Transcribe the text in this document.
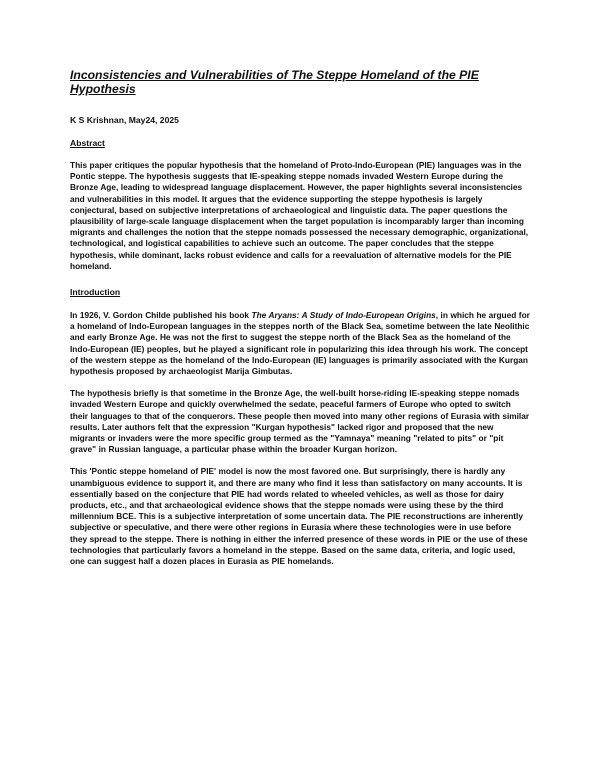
Inconsistencies and Vulnerabilities of The Steppe Homeland of the PIE Hypothesis

K S Krishnan, May24, 2025
Abstract
This paper critiques the popular hypothesis that the homeland of Proto-Indo-European (PIE) languages was in the Pontic steppe. The hypothesis suggests that IE-speaking steppe nomads invaded Western Europe during the Bronze Age, leading to widespread language displacement. However, the paper highlights several inconsistencies and vulnerabilities in this model. It argues that the evidence supporting the steppe hypothesis is largely conjectural, based on subjective interpretations of archaeological and linguistic data. The paper questions the plausibility of large-scale language displacement when the target population is incomparably larger than incoming migrants and challenges the notion that the steppe nomads possessed the necessary demographic, organizational, technological, and logistical capabilities to achieve such an outcome. The paper concludes that the steppe hypothesis, while dominant, lacks robust evidence and calls for a reevaluation of alternative models for the PIE homeland.
Introduction
In 1926, V. Gordon Childe published his book The Aryans: A Study of Indo-European Origins, in which he argued for a homeland of Indo-European languages in the steppes north of the Black Sea, sometime between the late Neolithic and early Bronze Age. He was not the first to suggest the steppe north of the Black Sea as the homeland of the Indo-European (IE) peoples, but he played a significant role in popularizing this idea through his work. The concept of the western steppe as the homeland of the Indo-European (IE) languages is primarily associated with the Kurgan hypothesis proposed by archaeologist Marija Gimbutas.
The hypothesis briefly is that sometime in the Bronze Age, the well-built horse-riding IE-speaking steppe nomads invaded Western Europe and quickly overwhelmed the sedate, peaceful farmers of Europe who opted to switch their languages to that of the conquerors. These people then moved into many other regions of Eurasia with similar results. Later authors felt that the expression "Kurgan hypothesis" lacked rigor and proposed that the new migrants or invaders were the more specific group termed as the "Yamnaya" meaning "related to pits" or "pit grave" in Russian language, a particular phase within the broader Kurgan horizon.
This 'Pontic steppe homeland of PIE' model is now the most favored one. But surprisingly, there is hardly any unambiguous evidence to support it, and there are many who find it less than satisfactory on many accounts. It is essentially based on the conjecture that PIE had words related to wheeled vehicles, as well as those for dairy products, etc., and that archaeological evidence shows that the steppe nomads were using these by the third millennium BCE. This is a subjective interpretation of some uncertain data. The PIE reconstructions are inherently subjective or speculative, and there were other regions in Eurasia where these technologies were in use before they spread to the steppe. There is nothing in either the inferred presence of these words in PIE or the use of these technologies that particularly favors a homeland in the steppe. Based on the same data, criteria, and logic used, one can suggest half a dozen places in Eurasia as PIE homelands.
